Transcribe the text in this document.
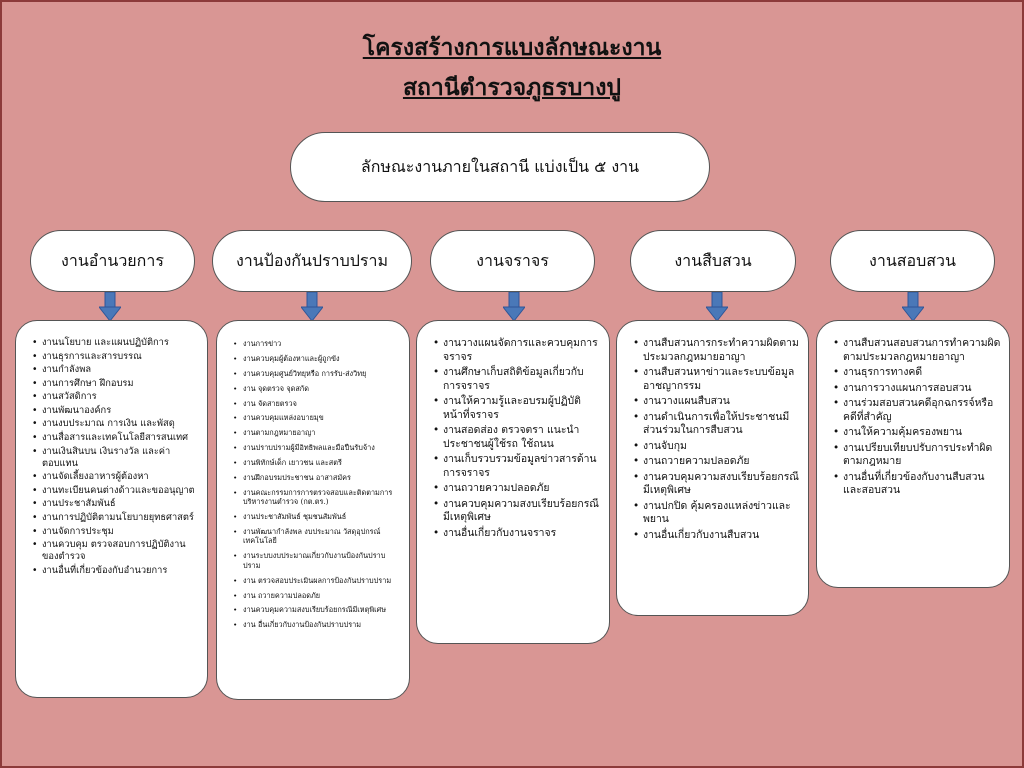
โครงสร้างการแบงลักษณะงาน
สถานีตำรวจภูธรบางปู
ลักษณะงานภายในสถานี แบ่งเป็น ๕ งาน
งานอำนวยการ
• งานนโยบาย และแผนปฏิบัติการ
• งานธุรการและสารบรรณ
• งานกำลังพล
• งานการศึกษา ฝึกอบรม
• งานสวัสดิการ
• งานพัฒนาองค์กร
• งานงบประมาณ การเงิน และพัสดุ
• งานสื่อสารและเทคโนโลยีสารสนเทศ
• งานเงินสินบน เงินรางวัล และค่าตอบแทน
• งานจัดเลี้ยงอาหารผู้ต้องหา
• งานทะเบียนคนต่างด้าวและขออนุญาต
• งานประชาสัมพันธ์
• งานการปฏิบัติตามนโยบายยุทธศาสตร์
• งานจัดการประชุม
• งานควบคุม ตรวจสอบการปฏิบัติงานของตำรวจ
• งานอื่นที่เกี่ยวข้องกับอำนวยการ
งานป้องกันปราบปราม
• งานการข่าว
• งานควบคุมผู้ต้องหาและผู้ถูกขัง
• งานควบคุมศูนย์วิทยุหรือ การรับ-ส่งวิทยุ
• งาน จุดตรวจ จุดสกัด
• งาน จัดสายตรวจ
• งานควบคุมแหล่งอบายมุข
• งานตามกฎหมายอาญา
• งานปราบปรามผู้มีอิทธิพลและมือปืนรับจ้าง
• งานพิทักษ์เด็ก เยาวชน และสตรี
• งานฝึกอบรมประชาชน อาสาสมัคร
• งานคณะกรรมการการตรวจสอบและติดตามการบริหารงานตำรวจ (กต.ตร.)
• งานประชาสัมพันธ์ ชุมชนสัมพันธ์
• งานพัฒนากำลังพล งบประมาณ วัสดุอุปกรณ์ เทคโนโลยี
• งานระบบงบประมาณเกี่ยวกับงานป้องกันปราบปราม
• งาน ตรวจสอบประเมินผลการป้องกันปราบปราม
• งาน ถวายความปลอดภัย
• งานควบคุมความสงบเรียบร้อยกรณีมีเหตุพิเศษ
• งาน อื่นเกี่ยวกับงานป้องกันปราบปราม
งานจราจร
• งานวางแผนจัดการและควบคุมการจราจร
• งานศึกษาเก็บสถิติข้อมูลเกี่ยวกับการจราจร
• งานให้ความรู้และอบรมผู้ปฏิบัติหน้าที่จราจร
• งานสอดส่อง ตรวจตรา แนะนำประชาชนผู้ใช้รถ ใช้ถนน
• งานเก็บรวบรวมข้อมูลข่าวสารด้านการจราจร
• งานถวายความปลอดภัย
• งานควบคุมความสงบเรียบร้อยกรณีมีเหตุพิเศษ
• งานอื่นเกี่ยวกับงานจราจร
งานสืบสวน
• งานสืบสวนการกระทำความผิดตามประมวลกฎหมายอาญา
• งานสืบสวนหาข่าวและระบบข้อมูลอาชญากรรม
• งานวางแผนสืบสวน
• งานดำเนินการเพื่อให้ประชาชนมีส่วนร่วมในการสืบสวน
• งานจับกุม
• งานถวายความปลอดภัย
• งานควบคุมความสงบเรียบร้อยกรณีมีเหตุพิเศษ
• งานปกปิด คุ้มครองแหล่งข่าวและพยาน
• งานอื่นเกี่ยวกับงานสืบสวน
งานสอบสวน
• งานสืบสวนสอบสวนการทำความผิดตามประมวลกฎหมายอาญา
• งานธุรการทางคดี
• งานการวางแผนการสอบสวน
• งานร่วมสอบสวนคดีอุกฉกรรจ์หรือคดีที่สำคัญ
• งานให้ความคุ้มครองพยาน
• งานเปรียบเทียบปรับการประทำผิด ตามกฎหมาย
• งานอื่นที่เกี่ยวข้องกับงานสืบสวนและสอบสวน
